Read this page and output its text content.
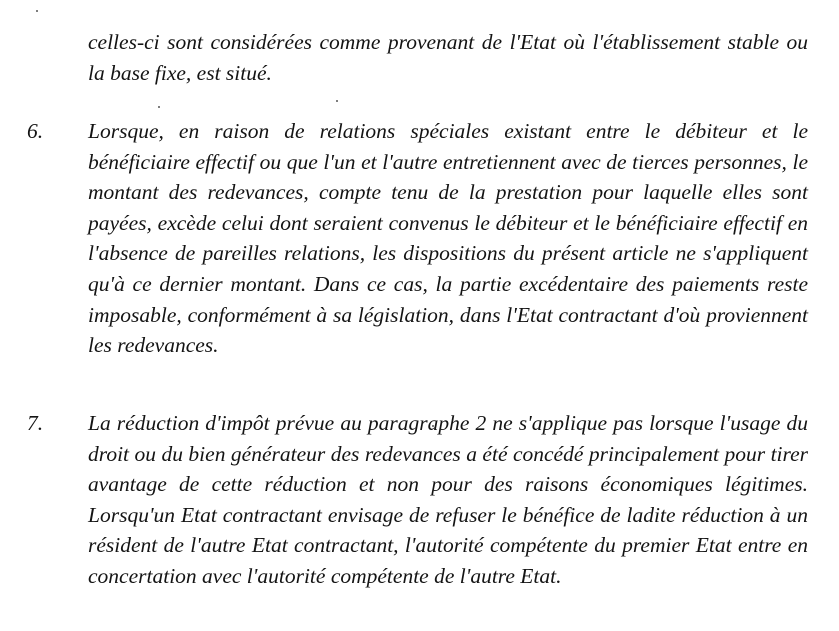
celles-ci sont considérées comme provenant de l'Etat où l'établissement stable ou la base fixe, est situé.

6. Lorsque, en raison de relations spéciales existant entre le débiteur et le bénéficiaire effectif ou que l'un et l'autre entretiennent avec de tierces personnes, le montant des redevances, compte tenu de la prestation pour laquelle elles sont payées, excède celui dont seraient convenus le débiteur et le bénéficiaire effectif en l'absence de pareilles relations, les dispositions du présent article ne s'appliquent qu'à ce dernier montant. Dans ce cas, la partie excédentaire des paiements reste imposable, conformément à sa législation, dans l'Etat contractant d'où proviennent les redevances.

7. La réduction d'impôt prévue au paragraphe 2 ne s'applique pas lorsque l'usage du droit ou du bien générateur des redevances a été concédé principalement pour tirer avantage de cette réduction et non pour des raisons économiques légitimes. Lorsqu'un Etat contractant envisage de refuser le bénéfice de ladite réduction à un résident de l'autre Etat contractant, l'autorité compétente du premier Etat entre en concertation avec l'autorité compétente de l'autre Etat.
